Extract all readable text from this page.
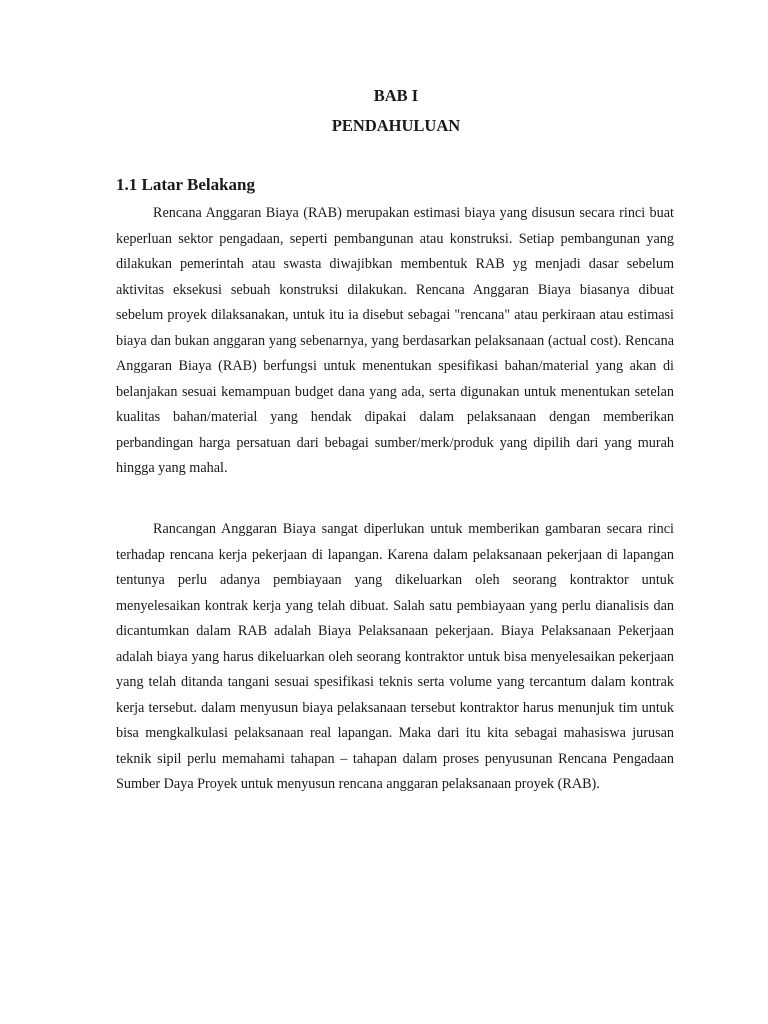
BAB I
PENDAHULUAN
1.1 Latar Belakang

Rencana Anggaran Biaya (RAB) merupakan estimasi biaya yang disusun secara rinci buat keperluan sektor pengadaan, seperti pembangunan atau konstruksi. Setiap pembangunan yang dilakukan pemerintah atau swasta diwajibkan membentuk RAB yg menjadi dasar sebelum aktivitas eksekusi sebuah konstruksi dilakukan. Rencana Anggaran Biaya biasanya dibuat sebelum proyek dilaksanakan, untuk itu ia disebut sebagai "rencana" atau perkiraan atau estimasi biaya dan bukan anggaran yang sebenarnya, yang berdasarkan pelaksanaan (actual cost). Rencana Anggaran Biaya (RAB) berfungsi untuk menentukan spesifikasi bahan/material yang akan di belanjakan sesuai kemampuan budget dana yang ada, serta digunakan untuk menentukan setelan kualitas bahan/material yang hendak dipakai dalam pelaksanaan dengan memberikan perbandingan harga persatuan dari bebagai sumber/merk/produk yang dipilih dari yang murah hingga yang mahal.

Rancangan Anggaran Biaya sangat diperlukan untuk memberikan gambaran secara rinci terhadap rencana kerja pekerjaan di lapangan. Karena dalam pelaksanaan pekerjaan di lapangan tentunya perlu adanya pembiayaan yang dikeluarkan oleh seorang kontraktor untuk menyelesaikan kontrak kerja yang telah dibuat. Salah satu pembiayaan yang perlu dianalisis dan dicantumkan dalam RAB adalah Biaya Pelaksanaan pekerjaan. Biaya Pelaksanaan Pekerjaan adalah biaya yang harus dikeluarkan oleh seorang kontraktor untuk bisa menyelesaikan pekerjaan yang telah ditanda tangani sesuai spesifikasi teknis serta volume yang tercantum dalam kontrak kerja tersebut. dalam menyusun biaya pelaksanaan tersebut kontraktor harus menunjuk tim untuk bisa mengkalkulasi pelaksanaan real lapangan. Maka dari itu kita sebagai mahasiswa jurusan teknik sipil perlu memahami tahapan – tahapan dalam proses penyusunan Rencana Pengadaan Sumber Daya Proyek untuk menyusun rencana anggaran pelaksanaan proyek (RAB).
